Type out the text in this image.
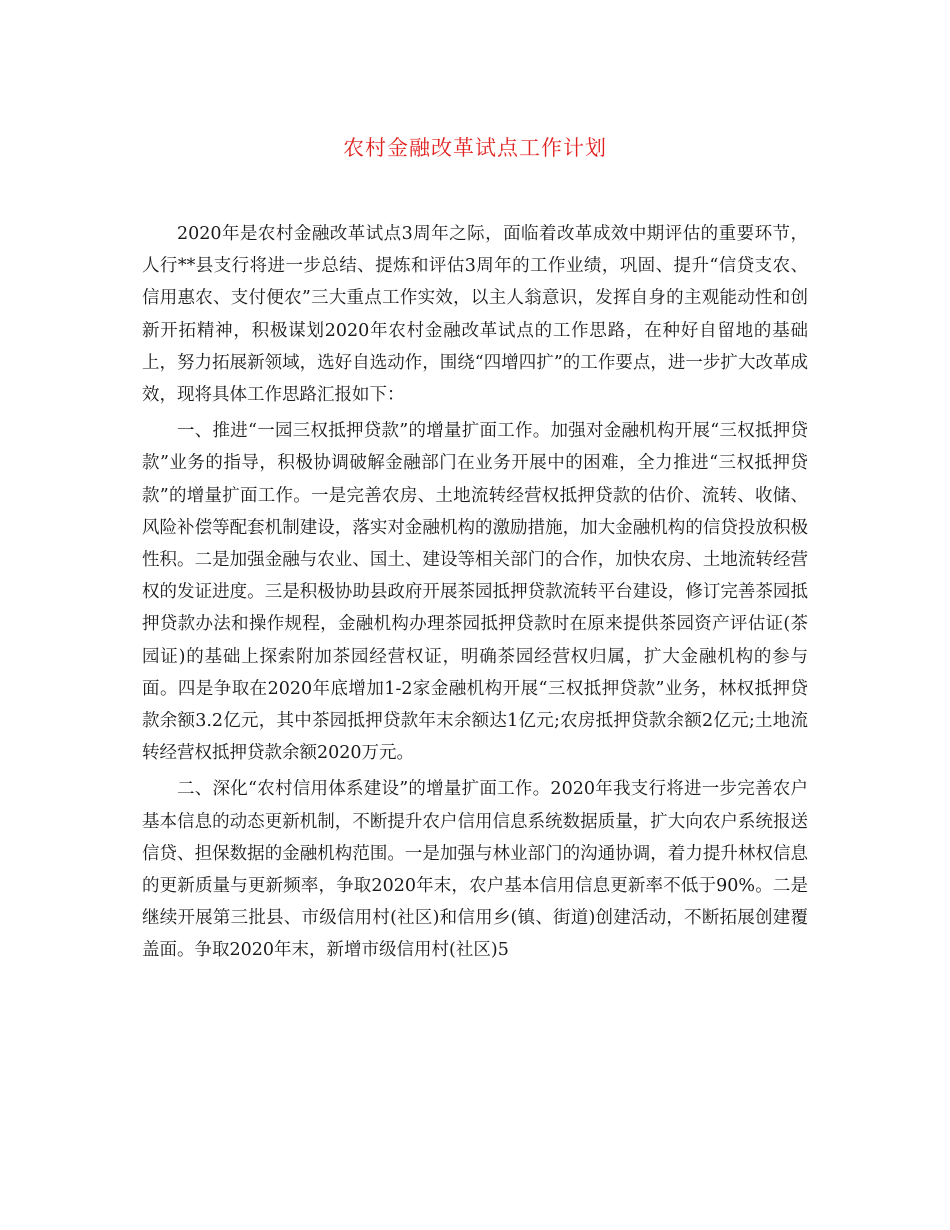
农村金融改革试点工作计划

2020年是农村金融改革试点3周年之际，面临着改革成效中期评估的重要环节，人行**县支行将进一步总结、提炼和评估3周年的工作业绩，巩固、提升“信贷支农、信用惠农、支付便农”三大重点工作实效，以主人翁意识，发挥自身的主观能动性和创新开拓精神，积极谋划2020年农村金融改革试点的工作思路，在种好自留地的基础上，努力拓展新领域，选好自选动作，围绕“四增四扩”的工作要点，进一步扩大改革成效，现将具体工作思路汇报如下：

一、推进“一园三权抵押贷款”的增量扩面工作。加强对金融机构开展“三权抵押贷款”业务的指导，积极协调破解金融部门在业务开展中的困难，全力推进“三权抵押贷款”的增量扩面工作。一是完善农房、土地流转经营权抵押贷款的估价、流转、收储、风险补偿等配套机制建设，落实对金融机构的激励措施，加大金融机构的信贷投放积极性积。二是加强金融与农业、国土、建设等相关部门的合作，加快农房、土地流转经营权的发证进度。三是积极协助县政府开展茶园抵押贷款流转平台建设，修订完善茶园抵押贷款办法和操作规程，金融机构办理茶园抵押贷款时在原来提供茶园资产评估证(茶园证)的基础上探索附加茶园经营权证，明确茶园经营权归属，扩大金融机构的参与面。四是争取在2020年底增加1-2家金融机构开展“三权抵押贷款”业务，林权抵押贷款余额3.2亿元，其中茶园抵押贷款年末余额达1亿元;农房抵押贷款余额2亿元;土地流转经营权抵押贷款余额2020万元。

二、深化“农村信用体系建设”的增量扩面工作。2020年我支行将进一步完善农户基本信息的动态更新机制，不断提升农户信用信息系统数据质量，扩大向农户系统报送信贷、担保数据的金融机构范围。一是加强与林业部门的沟通协调，着力提升林权信息的更新质量与更新频率，争取2020年末，农户基本信用信息更新率不低于90%。二是继续开展第三批县、市级信用村(社区)和信用乡(镇、街道)创建活动，不断拓展创建覆盖面。争取2020年末，新增市级信用村(社区)5
